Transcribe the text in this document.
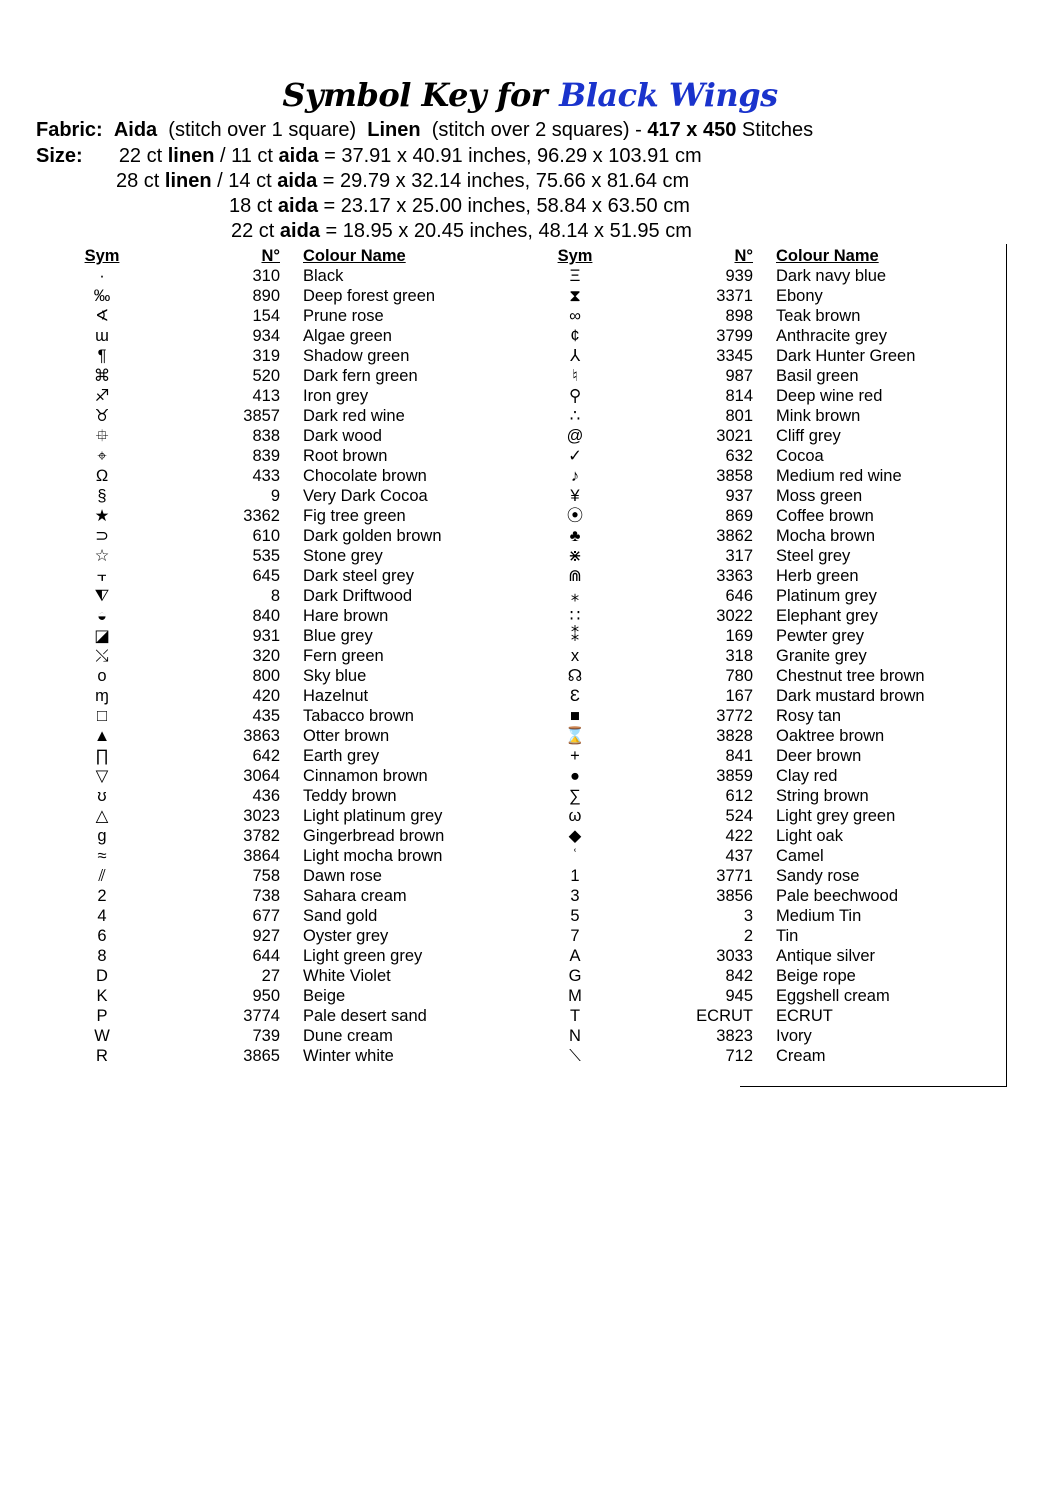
Symbol Key for Black Wings
Fabric: Aida (stitch over 1 square) Linen (stitch over 2 squares) - 417 x 450 Stitches
Size: 22 ct linen / 11 ct aida = 37.91 x 40.91 inches, 96.29 x 103.91 cm
28 ct linen / 14 ct aida = 29.79 x 32.14 inches, 75.66 x 81.64 cm
18 ct aida = 23.17 x 25.00 inches, 58.84 x 63.50 cm
22 ct aida = 18.95 x 20.45 inches, 48.14 x 51.95 cm
Sym	N°	Colour Name
·	310	Black
‰	890	Deep forest green
∢	154	Prune rose
ɯ	934	Algae green
¶	319	Shadow green
⌘	520	Dark fern green
♐	413	Iron grey
♉	3857	Dark red wine
⯐	838	Dark wood
⌖	839	Root brown
Ω	433	Chocolate brown
§	9	Very Dark Cocoa
★	3362	Fig tree green
⊃	610	Dark golden brown
☆	535	Stone grey
⫟	645	Dark steel grey
⧨	8	Dark Driftwood
◒	840	Hare brown
◪	931	Blue grey
⤯	320	Fern green
o	800	Sky blue
ɱ	420	Hazelnut
□	435	Tabacco brown
▲	3863	Otter brown
∏	642	Earth grey
▽	3064	Cinnamon brown
ʊ	436	Teddy brown
△	3023	Light platinum grey
g	3782	Gingerbread brown
≈	3864	Light mocha brown
⫽	758	Dawn rose
2	738	Sahara cream
4	677	Sand gold
6	927	Oyster grey
8	644	Light green grey
D	27	White Violet
K	950	Beige
P	3774	Pale desert sand
W	739	Dune cream
R	3865	Winter white
Sym	N°	Colour Name
Ξ	939	Dark navy blue
⧗	3371	Ebony
∞	898	Teak brown
¢	3799	Anthracite grey
⅄	3345	Dark Hunter Green
♮	987	Basil green
⚲	814	Deep wine red
∴	801	Mink brown
@	3021	Cliff grey
✓	632	Cocoa
♪	3858	Medium red wine
¥	937	Moss green
⦿	869	Coffee brown
♣	3862	Mocha brown
⋇	317	Steel grey
⋒	3363	Herb green
⁎	646	Platinum grey
∷	3022	Elephant grey
⁑	169	Pewter grey
x	318	Granite grey
☊	780	Chestnut tree brown
Ɛ	167	Dark mustard brown
■	3772	Rosy tan
⌛	3828	Oaktree brown
+	841	Deer brown
●	3859	Clay red
∑	612	String brown
ω	524	Light grey green
◆	422	Light oak
ʿ	437	Camel
1	3771	Sandy rose
3	3856	Pale beechwood
5	3	Medium Tin
7	2	Tin
A	3033	Antique silver
G	842	Beige rope
M	945	Eggshell cream
T	ECRUT	ECRUT
N	3823	Ivory
⟍	712	Cream
